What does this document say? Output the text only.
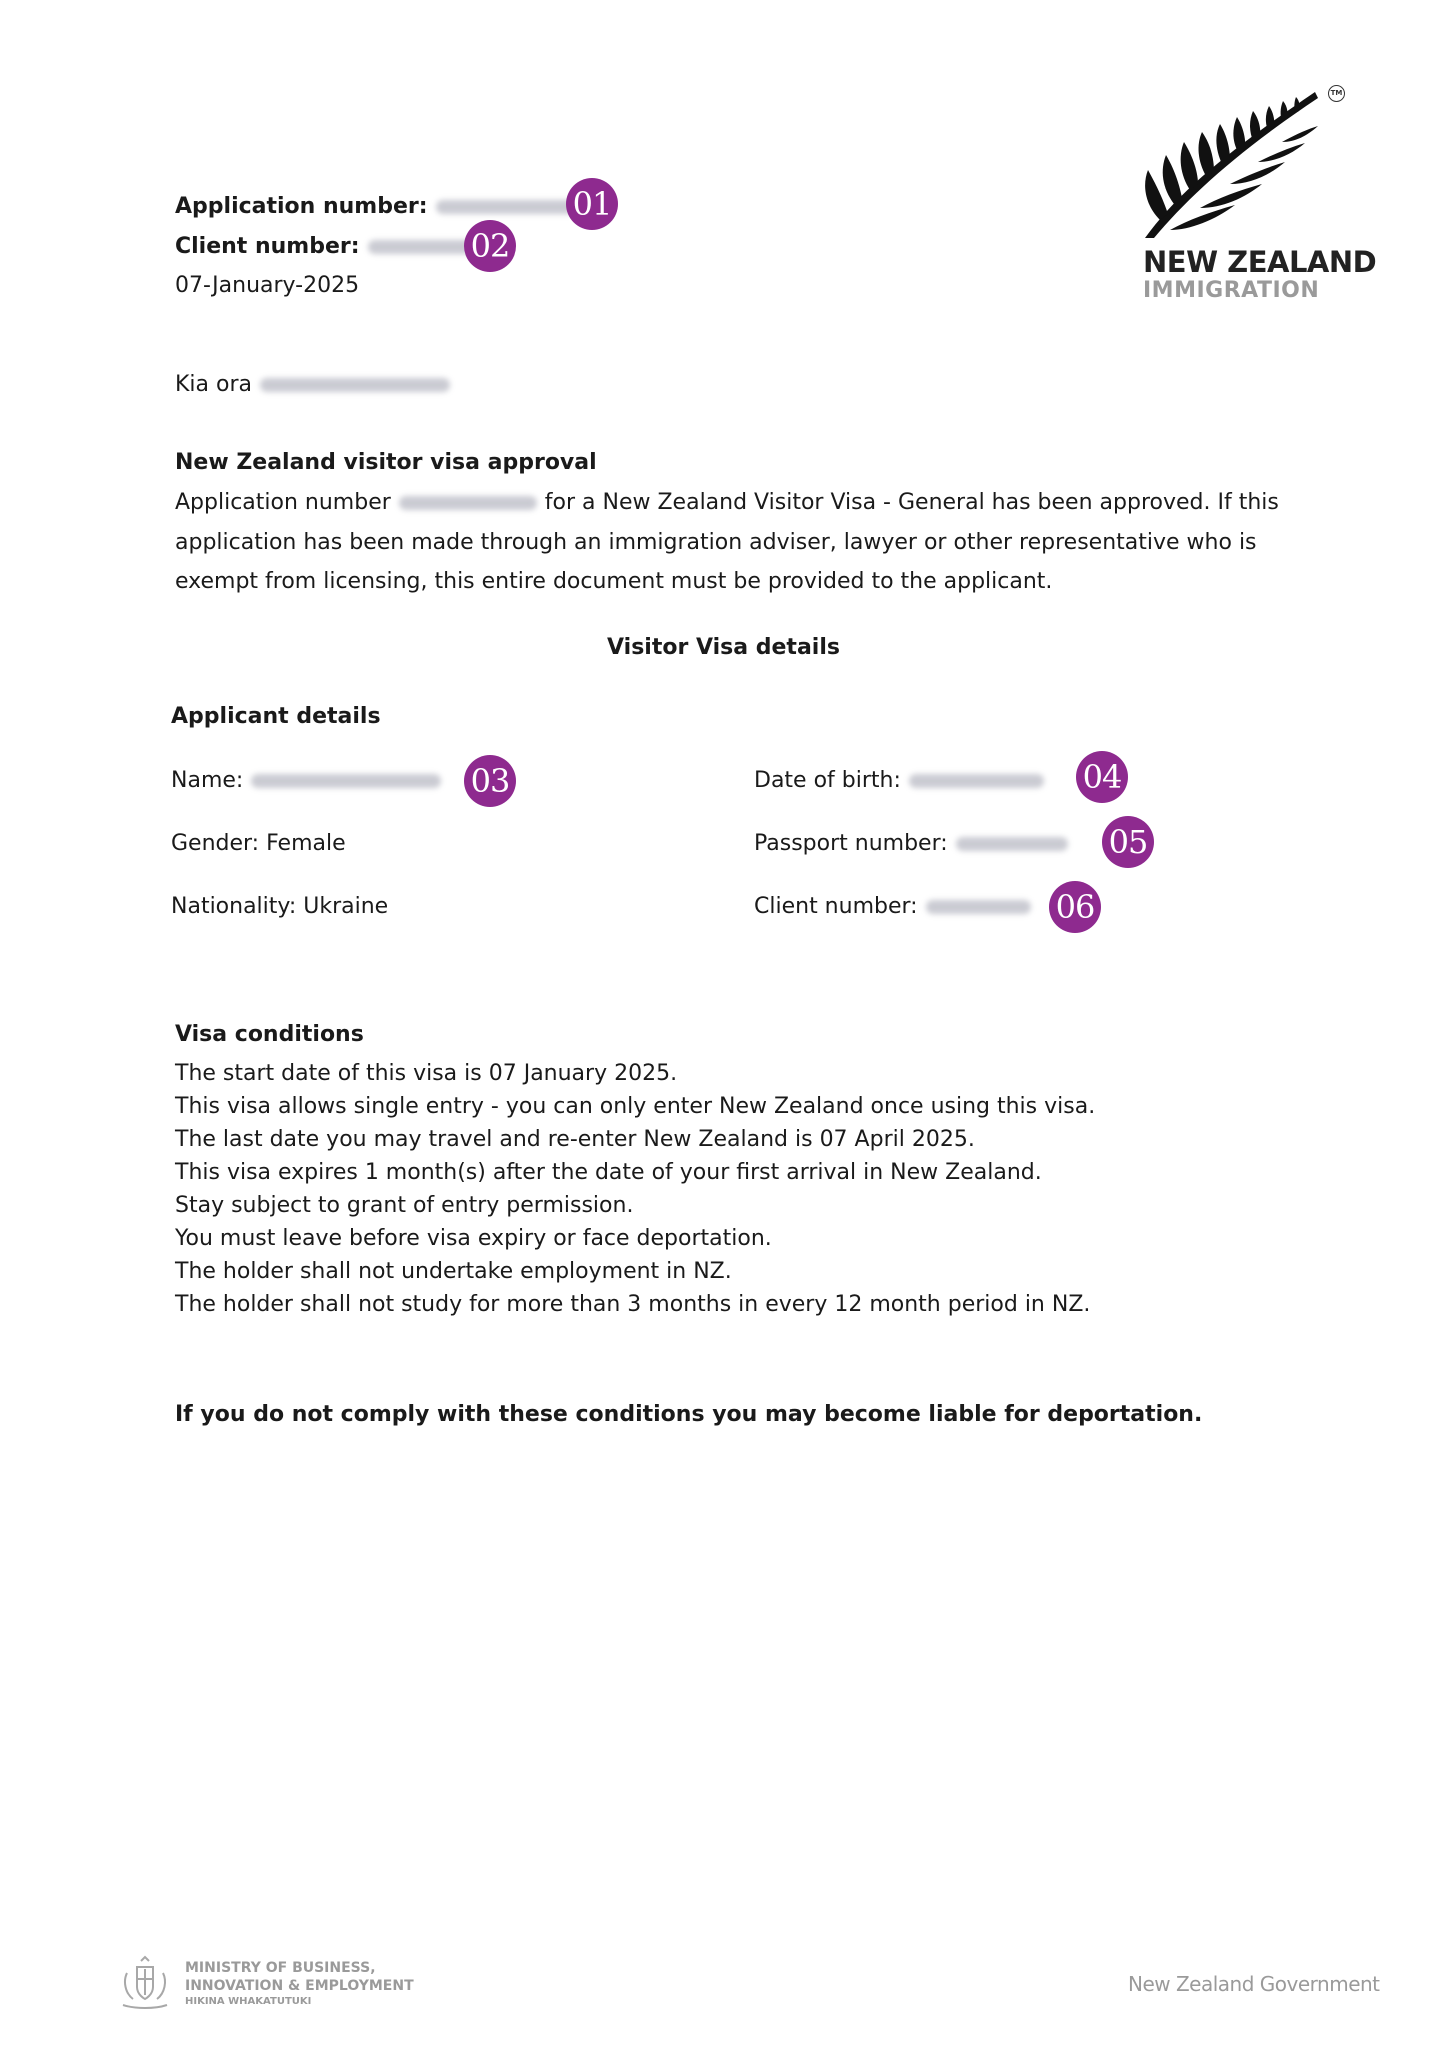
TM
NEW ZEALAND
IMMIGRATION
Application number:	01
Client number:	02
07-January-2025
Kia ora
New Zealand visitor visa approval
Application number	for a New Zealand Visitor Visa - General has been approved. If this
application has been made through an immigration adviser, lawyer or other representative who is
exempt from licensing, this entire document must be provided to the applicant.
Visitor Visa details
Applicant details
Name:	03
Gender: Female
Nationality: Ukraine
Date of birth:	04
Passport number:	05
Client number:	06
Visa conditions
The start date of this visa is 07 January 2025.
This visa allows single entry - you can only enter New Zealand once using this visa.
The last date you may travel and re-enter New Zealand is 07 April 2025.
This visa expires 1 month(s) after the date of your first arrival in New Zealand.
Stay subject to grant of entry permission.
You must leave before visa expiry or face deportation.
The holder shall not undertake employment in NZ.
The holder shall not study for more than 3 months in every 12 month period in NZ.
If you do not comply with these conditions you may become liable for deportation.
MINISTRY OF BUSINESS,
INNOVATION & EMPLOYMENT
HIKINA WHAKATUTUKI
New Zealand Government
